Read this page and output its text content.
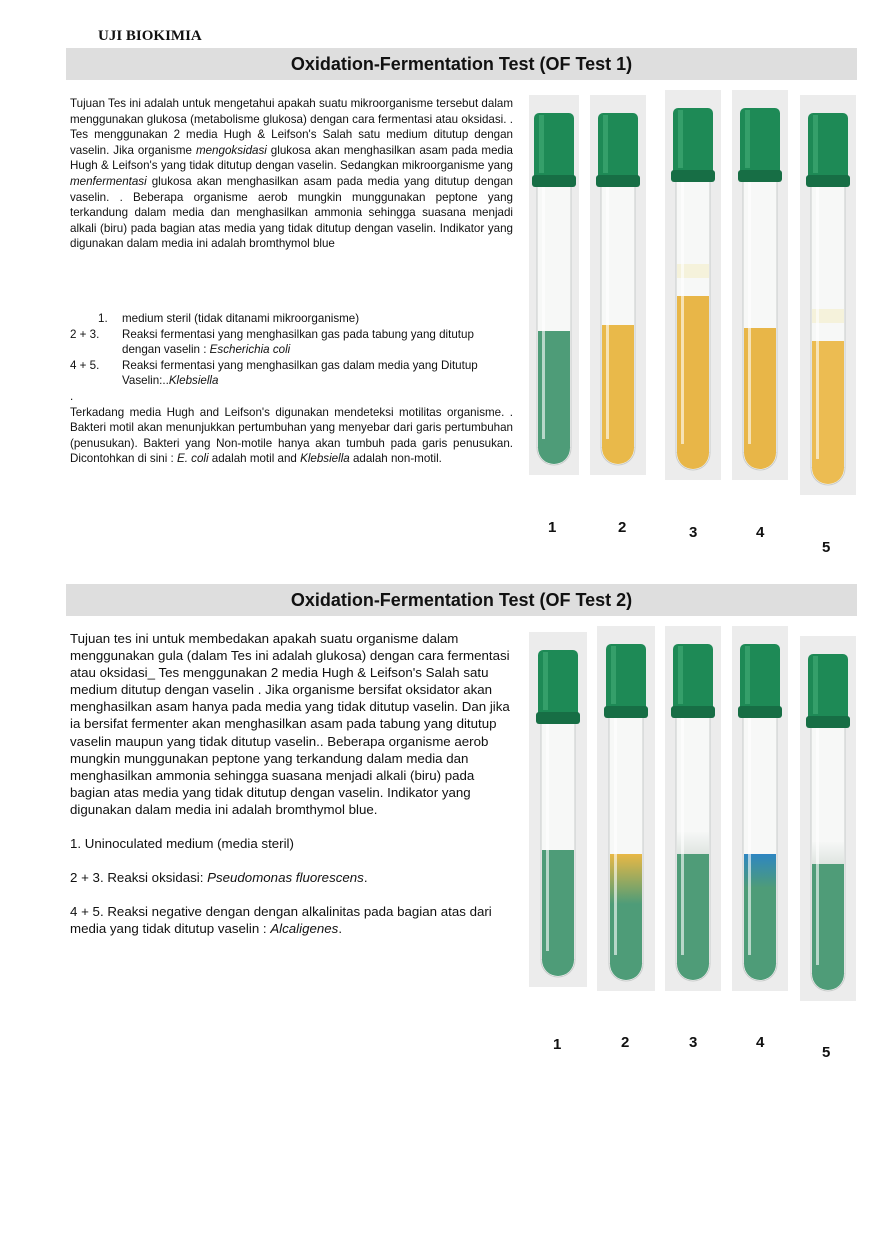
UJI BIOKIMIA
Oxidation-Fermentation Test (OF Test 1)

Tujuan Tes ini adalah untuk mengetahui apakah suatu mikroorganisme tersebut dalam menggunakan glukosa (metabolisme glukosa) dengan cara fermentasi atau oksidasi. . Tes menggunakan 2 media Hugh & Leifson's Salah satu medium ditutup dengan vaselin. Jika organisme mengoksidasi glukosa akan menghasilkan asam pada media Hugh & Leifson's yang tidak ditutup dengan vaselin. Sedangkan mikroorganisme yang menfermentasi glukosa akan menghasilkan asam pada media yang ditutup dengan vaselin. . Beberapa organisme aerob mungkin munggunakan peptone yang terkandung dalam media dan menghasilkan ammonia sehingga suasana menjadi alkali (biru) pada bagian atas media yang tidak ditutup dengan vaselin. Indikator yang digunakan dalam media ini adalah bromthymol blue

1.	medium steril (tidak ditanami mikroorganisme)
2 + 3.	Reaksi fermentasi yang menghasilkan gas pada tabung yang ditutup dengan vaselin : Escherichia coli
4 + 5.	Reaksi fermentasi yang menghasilkan gas dalam media yang Ditutup Vaselin:..Klebsiella
.

Terkadang media Hugh and Leifson's digunakan mendeteksi motilitas organisme. . Bakteri motil akan menunjukkan pertumbuhan yang menyebar dari garis pertumbuhan (penusukan). Bakteri yang Non-motile hanya akan tumbuh pada garis penusukan. Dicontohkan di sini : E. coli adalah motil and Klebsiella adalah non-motil.

1	2	3	4
5
Oxidation-Fermentation Test (OF Test 2)

Tujuan tes ini untuk membedakan apakah suatu organisme dalam menggunakan gula (dalam Tes ini adalah glukosa) dengan cara fermentasi atau oksidasi_ Tes menggunakan 2 media Hugh & Leifson's Salah satu medium ditutup dengan vaselin . Jika organisme bersifat oksidator akan menghasilkan asam hanya pada media yang tidak ditutup vaselin. Dan jika ia bersifat fermenter akan menghasilkan asam pada tabung yang ditutup vaselin maupun yang tidak ditutup vaselin.. Beberapa organisme aerob mungkin munggunakan peptone yang terkandung dalam media dan menghasilkan ammonia sehingga suasana menjadi alkali (biru) pada bagian atas media yang tidak ditutup dengan vaselin. Indikator yang digunakan dalam media ini adalah bromthymol blue.

1. Uninoculated medium (media steril)

2 + 3. Reaksi oksidasi: Pseudomonas fluorescens.

4 + 5. Reaksi negative dengan dengan alkalinitas pada bagian atas dari media yang tidak ditutup vaselin : Alcaligenes.

1	2	3	4
5
